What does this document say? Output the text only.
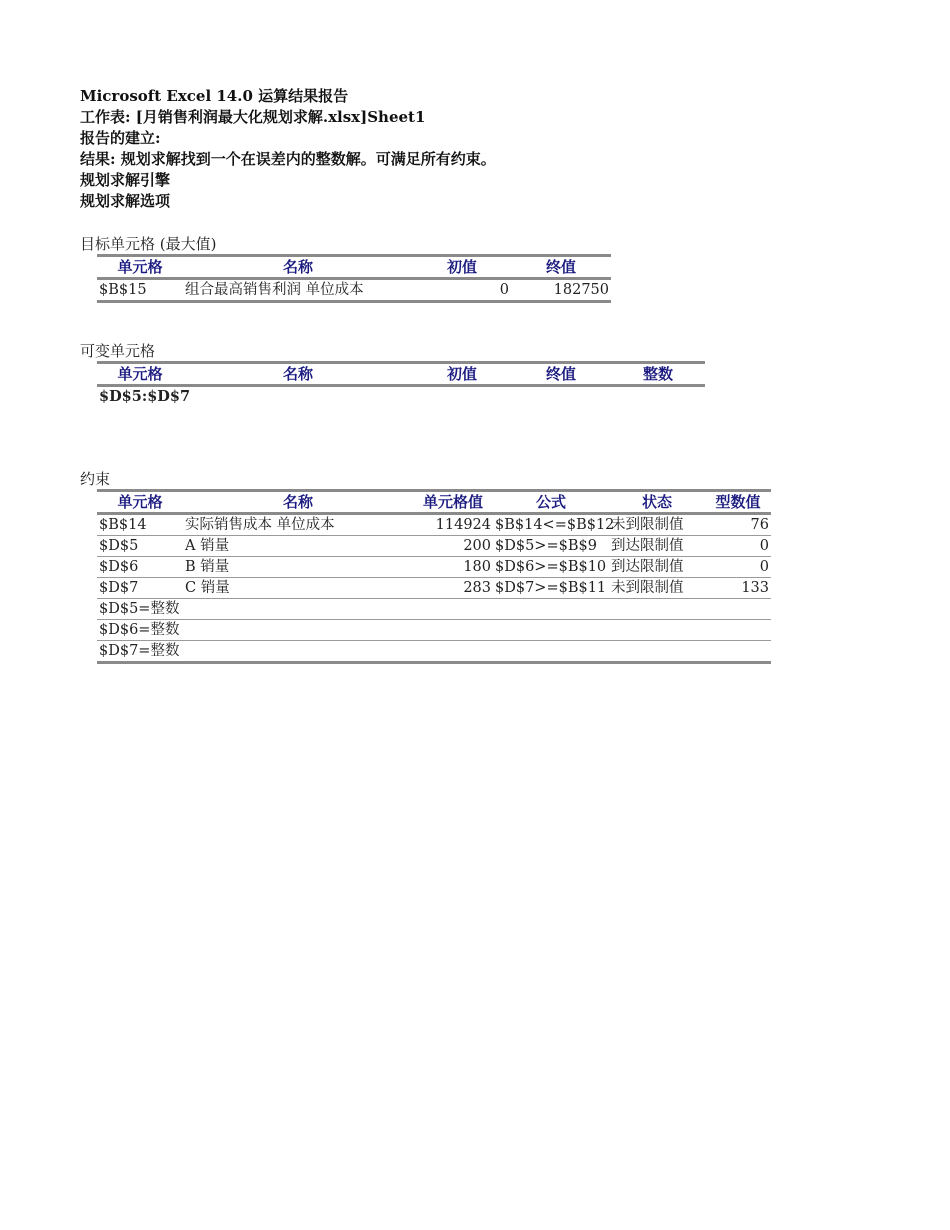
Microsoft Excel 14.0 运算结果报告
工作表: [月销售利润最大化规划求解.xlsx]Sheet1
报告的建立:
结果: 规划求解找到一个在误差内的整数解。可满足所有约束。
规划求解引擎
规划求解选项
目标单元格 (最大值)
单元格	名称	初值	终值
$B$15	组合最高销售利润 单位成本	0	182750
可变单元格
单元格	名称	初值	终值	整数
$D$5:$D$7
约束
单元格	名称	单元格值	公式	状态	型数值
$B$14	实际销售成本 单位成本	114924	$B$14<=$B$12	未到限制值	76
$D$5	A 销量	200	$D$5>=$B$9	到达限制值	0
$D$6	B 销量	180	$D$6>=$B$10	到达限制值	0
$D$7	C 销量	283	$D$7>=$B$11	未到限制值	133
$D$5=整数					
$D$6=整数					
$D$7=整数					
